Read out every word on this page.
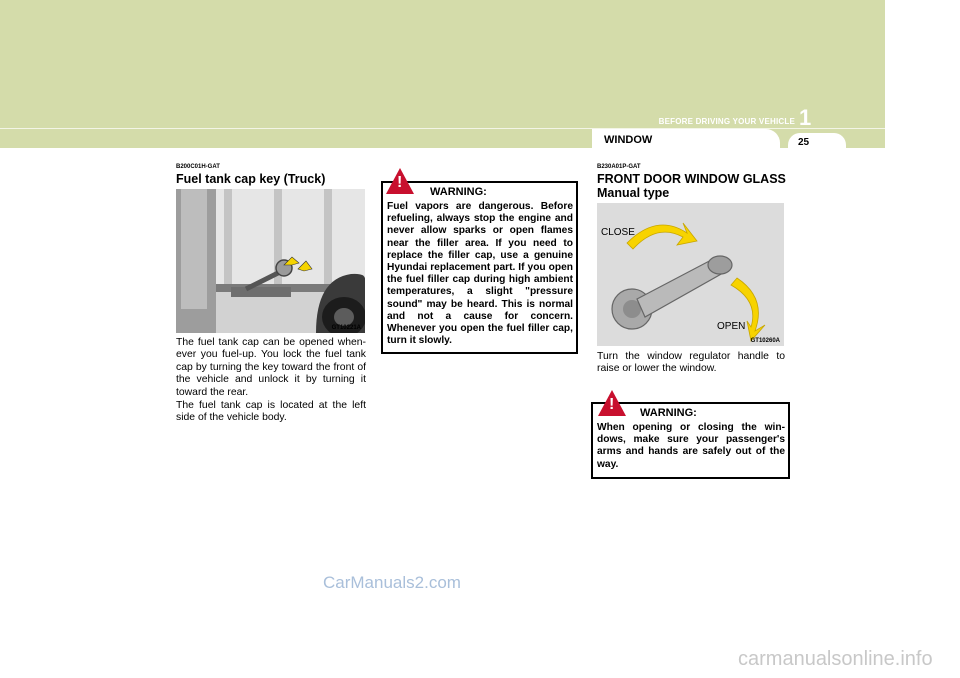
BEFORE DRIVING YOUR VEHICLE 1
WINDOW	25
B200C01H-GAT
Fuel tank cap key (Truck)
GT10221A

The fuel tank cap can be opened when-ever you fuel-up. You lock the fuel tank cap by turning the key toward the front of the vehicle and unlock it by turning it toward the rear.

The fuel tank cap is located at the left side of the vehicle body.

WARNING:

Fuel vapors are dangerous. Before refueling, always stop the engine and never allow sparks or open flames near the filler area. If you need to replace the filler cap, use a genuine Hyundai replacement part. If you open the fuel filler cap during high ambient temperatures, a slight "pressure sound" may be heard. This is normal and not a cause for concern. Whenever you open the fuel filler cap, turn it slowly.

!
B230A01P-GAT
FRONT DOOR WINDOW GLASS
Manual type
CLOSE
OPEN
GT10260A

Turn the window regulator handle to raise or lower the window.

WARNING:

When opening or closing the win-dows, make sure your passenger's arms and hands are safely out of the way.

!
CarManuals2.com
carmanualsonline.info
